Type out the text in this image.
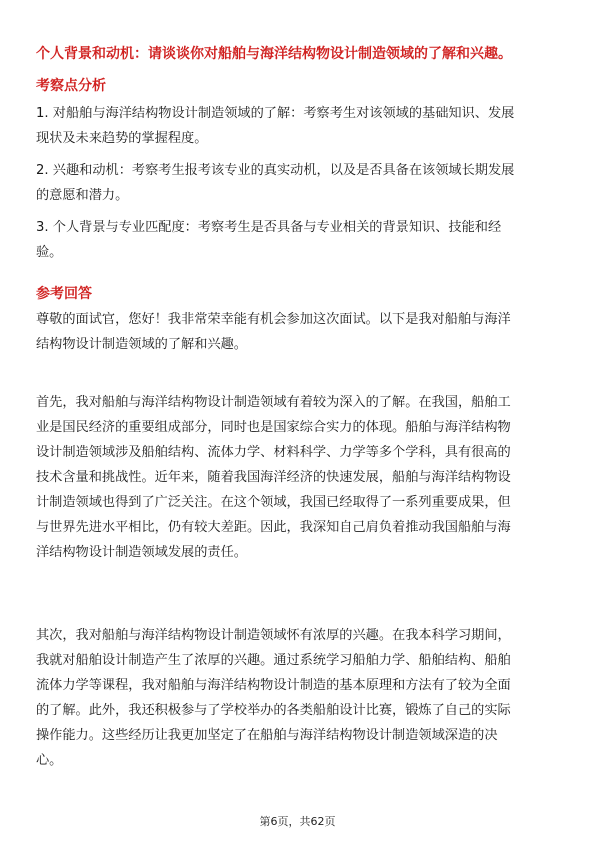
个人背景和动机：请谈谈你对船舶与海洋结构物设计制造领域的了解和兴趣。

考察点分析

1. 对船舶与海洋结构物设计制造领域的了解：考察考生对该领域的基础知识、发展
现状及未来趋势的掌握程度。

2. 兴趣和动机：考察考生报考该专业的真实动机，以及是否具备在该领域长期发展
的意愿和潜力。

3. 个人背景与专业匹配度：考察考生是否具备与专业相关的背景知识、技能和经
验。

参考回答

尊敬的面试官，您好！我非常荣幸能有机会参加这次面试。以下是我对船舶与海洋
结构物设计制造领域的了解和兴趣。

首先，我对船舶与海洋结构物设计制造领域有着较为深入的了解。在我国，船舶工
业是国民经济的重要组成部分，同时也是国家综合实力的体现。船舶与海洋结构物
设计制造领域涉及船舶结构、流体力学、材料科学、力学等多个学科，具有很高的
技术含量和挑战性。近年来，随着我国海洋经济的快速发展，船舶与海洋结构物设
计制造领域也得到了广泛关注。在这个领域，我国已经取得了一系列重要成果，但
与世界先进水平相比，仍有较大差距。因此，我深知自己肩负着推动我国船舶与海
洋结构物设计制造领域发展的责任。

其次，我对船舶与海洋结构物设计制造领域怀有浓厚的兴趣。在我本科学习期间，
我就对船舶设计制造产生了浓厚的兴趣。通过系统学习船舶力学、船舶结构、船舶
流体力学等课程，我对船舶与海洋结构物设计制造的基本原理和方法有了较为全面
的了解。此外，我还积极参与了学校举办的各类船舶设计比赛，锻炼了自己的实际
操作能力。这些经历让我更加坚定了在船舶与海洋结构物设计制造领域深造的决
心。

第6页，共62页
